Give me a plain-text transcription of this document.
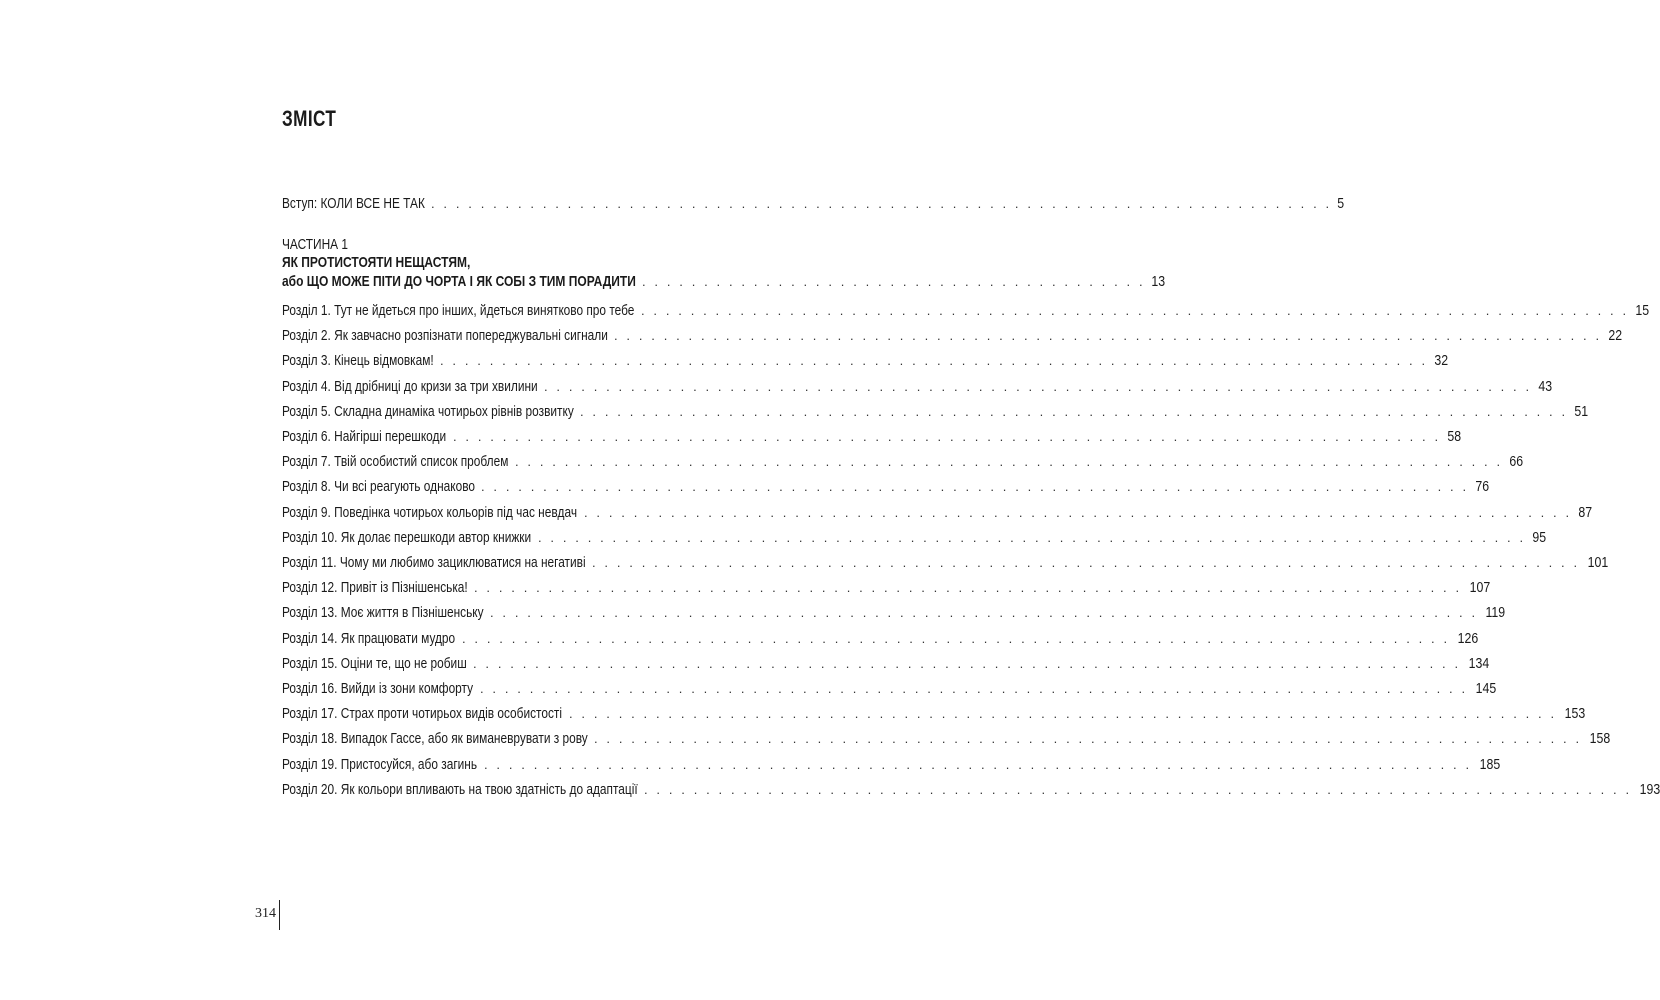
ЗМІСТ
Вступ: КОЛИ ВСЕ НЕ ТАК . . . . . . . . . . . . . . . . . . . . . . . . . . . . . . . . . . . . . . . . . . . . . . . . . . . . . . . . . . . . . . . . . . . . . . . . . 5
ЧАСТИНА 1
ЯК ПРОТИСТОЯТИ НЕЩАСТЯМ,
або ЩО МОЖЕ ПІТИ ДО ЧОРТА І ЯК СОБІ З ТИМ ПОРАДИТИ . . . . . . . . . . . . . . . . . . . . . . . . . . . . . . . . . . . . . . . . . 13
Розділ 1. Тут не йдеться про інших, йдеться виняткoво про тебе . . . . . . . . . . . . . . . . . . . . . . . . . . . . . . . . . . . . . . . . . . . . . . . . . . . . . . . . . . . . . . . . . . . . . . . . . . . . . . . . 15
Розділ 2. Як завчасно розпізнати попереджувальні сигнали . . . . . . . . . . . . . . . . . . . . . . . . . . . . . . . . . . . . . . . . . . . . . . . . . . . . . . . . . . . . . . . . . . . . . . . . . . . . . . . . 22
Розділ 3. Кінець відмовкам! . . . . . . . . . . . . . . . . . . . . . . . . . . . . . . . . . . . . . . . . . . . . . . . . . . . . . . . . . . . . . . . . . . . . . . . . . . . . . . . . 32
Розділ 4. Від дрібниці до кризи за три хвилини . . . . . . . . . . . . . . . . . . . . . . . . . . . . . . . . . . . . . . . . . . . . . . . . . . . . . . . . . . . . . . . . . . . . . . . . . . . . . . . . 43
Розділ 5. Складна динаміка чотирьох рівнів розвитку . . . . . . . . . . . . . . . . . . . . . . . . . . . . . . . . . . . . . . . . . . . . . . . . . . . . . . . . . . . . . . . . . . . . . . . . . . . . . . . . 51
Розділ 6. Найгірші перешкоди . . . . . . . . . . . . . . . . . . . . . . . . . . . . . . . . . . . . . . . . . . . . . . . . . . . . . . . . . . . . . . . . . . . . . . . . . . . . . . . . 58
Розділ 7. Твій особистий список проблем . . . . . . . . . . . . . . . . . . . . . . . . . . . . . . . . . . . . . . . . . . . . . . . . . . . . . . . . . . . . . . . . . . . . . . . . . . . . . . . . 66
Розділ 8. Чи всі реагують однаково . . . . . . . . . . . . . . . . . . . . . . . . . . . . . . . . . . . . . . . . . . . . . . . . . . . . . . . . . . . . . . . . . . . . . . . . . . . . . . . . 76
Розділ 9. Поведінка чотирьох кольорів під час невдач . . . . . . . . . . . . . . . . . . . . . . . . . . . . . . . . . . . . . . . . . . . . . . . . . . . . . . . . . . . . . . . . . . . . . . . . . . . . . . . . 87
Розділ 10. Як долає перешкоди автор книжки . . . . . . . . . . . . . . . . . . . . . . . . . . . . . . . . . . . . . . . . . . . . . . . . . . . . . . . . . . . . . . . . . . . . . . . . . . . . . . . . 95
Розділ 11. Чому ми любимо зациклюватися на негативі . . . . . . . . . . . . . . . . . . . . . . . . . . . . . . . . . . . . . . . . . . . . . . . . . . . . . . . . . . . . . . . . . . . . . . . . . . . . . . . . 101
Розділ 12. Привіт із Пізнішенська! . . . . . . . . . . . . . . . . . . . . . . . . . . . . . . . . . . . . . . . . . . . . . . . . . . . . . . . . . . . . . . . . . . . . . . . . . . . . . . . . 107
Розділ 13. Моє життя в Пізнішенську . . . . . . . . . . . . . . . . . . . . . . . . . . . . . . . . . . . . . . . . . . . . . . . . . . . . . . . . . . . . . . . . . . . . . . . . . . . . . . . . 119
Розділ 14. Як працювати мудро . . . . . . . . . . . . . . . . . . . . . . . . . . . . . . . . . . . . . . . . . . . . . . . . . . . . . . . . . . . . . . . . . . . . . . . . . . . . . . . . 126
Розділ 15. Оціни те, що не робиш . . . . . . . . . . . . . . . . . . . . . . . . . . . . . . . . . . . . . . . . . . . . . . . . . . . . . . . . . . . . . . . . . . . . . . . . . . . . . . . . 134
Розділ 16. Вийди із зони комфорту . . . . . . . . . . . . . . . . . . . . . . . . . . . . . . . . . . . . . . . . . . . . . . . . . . . . . . . . . . . . . . . . . . . . . . . . . . . . . . . . 145
Розділ 17. Страх проти чотирьох видів особистості . . . . . . . . . . . . . . . . . . . . . . . . . . . . . . . . . . . . . . . . . . . . . . . . . . . . . . . . . . . . . . . . . . . . . . . . . . . . . . . . 153
Розділ 18. Випадок Гассе, або як виманеврувати з рову . . . . . . . . . . . . . . . . . . . . . . . . . . . . . . . . . . . . . . . . . . . . . . . . . . . . . . . . . . . . . . . . . . . . . . . . . . . . . . . . 158
Розділ 19. Пристосуйся, або загинь . . . . . . . . . . . . . . . . . . . . . . . . . . . . . . . . . . . . . . . . . . . . . . . . . . . . . . . . . . . . . . . . . . . . . . . . . . . . . . . . 185
Розділ 20. Як кольори впливають на твою здатність до адаптації . . . . . . . . . . . . . . . . . . . . . . . . . . . . . . . . . . . . . . . . . . . . . . . . . . . . . . . . . . . . . . . . . . . . . . . . . . . . . . . . 193
314
